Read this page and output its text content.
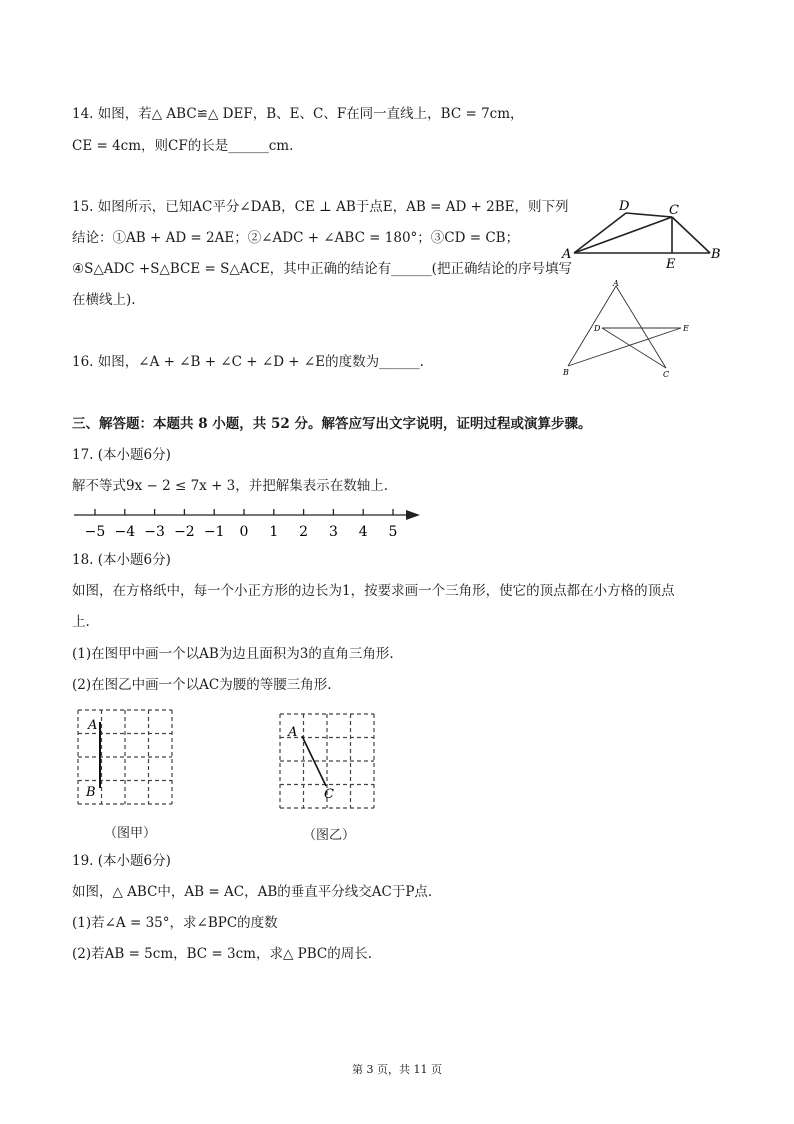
14. 如图，若△ ABC≌△ DEF，B、E、C、F在同一直线上，BC = 7cm，
CE = 4cm，则CF的长是______cm.
15. 如图所示，已知AC平分∠DAB，CE ⊥ AB于点E，AB = AD + 2BE，则下列
结论：①AB + AD = 2AE；②∠ADC + ∠ABC = 180°；③CD = CB；
④S△ADC +S△BCE = S△ACE，其中正确的结论有______(把正确结论的序号填写
在横线上).
D	C
A
E
B
16. 如图，∠A + ∠B + ∠C + ∠D + ∠E的度数为______.
A
D	E
B	C
三、解答题：本题共 8 小题，共 52 分。解答应写出文字说明，证明过程或演算步骤。
17. (本小题6分)
解不等式9x − 2 ≤ 7x + 3，并把解集表示在数轴上.
−5 −4 −3 −2 −1 0 1 2 3 4 5
18. (本小题6分)
如图，在方格纸中，每一个小正方形的边长为1，按要求画一个三角形，使它的顶点都在小方格的顶点
上.
(1)在图甲中画一个以AB为边且面积为3的直角三角形.
(2)在图乙中画一个以AC为腰的等腰三角形.
A
B
（图甲）
A
C
（图乙）
19. (本小题6分)
如图，△ ABC中，AB = AC，AB的垂直平分线交AC于P点.
(1)若∠A = 35°，求∠BPC的度数
(2)若AB = 5cm，BC = 3cm，求△ PBC的周长.
第 3 页，共 11 页
